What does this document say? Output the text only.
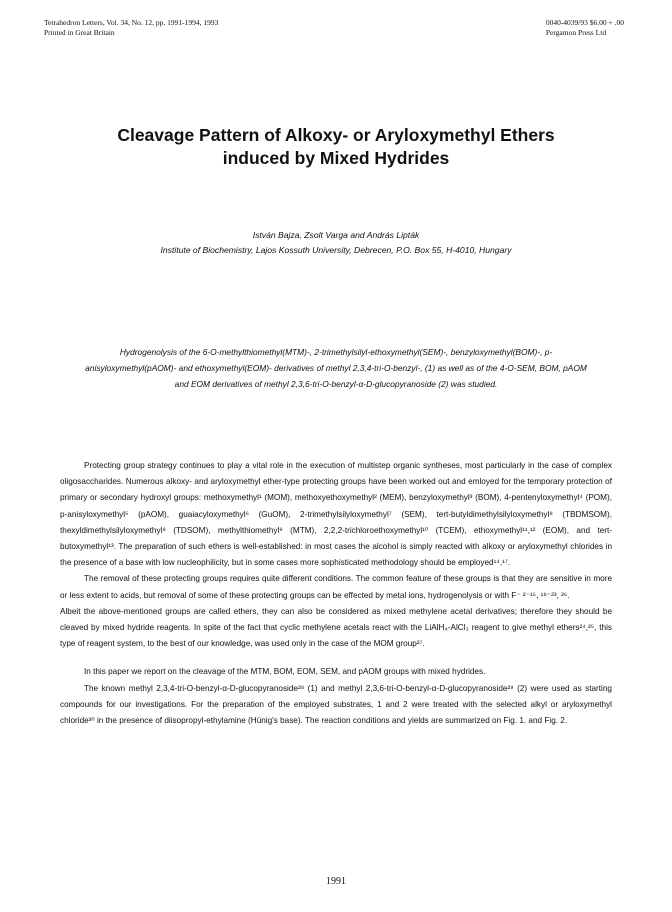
Tetrahedron Letters, Vol. 34, No. 12, pp. 1991-1994, 1993
Printed in Great Britain
0040-4039/93 $6.00 + .00
Pergamon Press Ltd
Cleavage Pattern of Alkoxy- or Aryloxymethyl Ethers
induced by Mixed Hydrides
István Bajza, Zsolt Varga and András Lipták
Institute of Biochemistry, Lajos Kossuth University, Debrecen, P.O. Box 55, H-4010, Hungary
Hydrogenolysis of the 6-O-methylthiomethyl(MTM)-, 2-trimethylsilyl-ethoxymethyl(SEM)-, benzyloxymethyl(BOM)-, p-anisyloxymethyl(pAOM)- and ethoxymethyl(EOM)- derivatives of methyl 2,3,4-tri-O-benzyl-, (1) as well as of the 4-O-SEM, BOM, pAOM and EOM derivatives of methyl 2,3,6-tri-O-benzyl-α-D-glucopyranoside (2) was studied.

Protecting group strategy continues to play a vital role in the execution of multistep organic syntheses, most particularly in the case of complex oligosaccharides. Numerous alkoxy- and aryloxymethyl ether-type protecting groups have been worked out and emloyed for the temporary protection of primary or secondary hydroxyl groups: methoxymethyl¹ (MOM), methoxyethoxymethyl² (MEM), benzyloxymethyl³ (BOM), 4-pentenyloxymethyl⁴ (POM), p-anisyloxymethyl⁵ (pAOM), guaiacyloxymethyl⁶ (GuOM), 2-trimethylsilyloxymethyl⁷ (SEM), tert-butyldimethylsilyloxymethyl⁸ (TBDMSOM), thexyldimethylsilyloxymethyl⁸ (TDSOM), methylthiomethyl⁹ (MTM), 2,2,2-trichloroethoxymethyl¹⁰ (TCEM), ethoxymethyl¹¹,¹² (EOM), and tert-butoxymethyl¹³. The preparation of such ethers is well-established: in most cases the alcohol is simply reacted with alkoxy or aryloxymethyl chlorides in the presence of a base with low nucleophilicity, but in some cases more sophisticated methodology should be employed¹⁴,¹⁷.

The removal of these protecting groups requires quite different conditions. The common feature of these groups is that they are sensitive in more or less extent to acids, but removal of some of these protecting groups can be effected by metal ions, hydrogenolysis or with F⁻ ²⁻¹⁵, ¹⁸⁻²³, ²⁶.

Albeit the above-mentioned groups are called ethers, they can also be considered as mixed methylene acetal derivatives; therefore they should be cleaved by mixed hydride reagents. In spite of the fact that cyclic methylene acetals react with the LiAlH₄-AlCl₃ reagent to give methyl ethers²⁴,²⁵, this type of reagent system, to the best of our knowledge, was used only in the case of the MOM group²⁷.

In this paper we report on the cleavage of the MTM, BOM, EOM, SEM, and pAOM groups with mixed hydrides.

The known methyl 2,3,4-tri-O-benzyl-α-D-glucopyranoside²⁸ (1) and methyl 2,3,6-tri-O-benzyl-α-D-glucopyranoside²⁹ (2) were used as starting compounds for our investigations. For the preparation of the employed substrates, 1 and 2 were treated with the selected alkyl or aryloxymethyl chloride³⁰ in the presence of diisopropyl-ethylamine (Hünig's base). The reaction conditions and yields are summarized on Fig. 1. and Fig. 2.

1991
